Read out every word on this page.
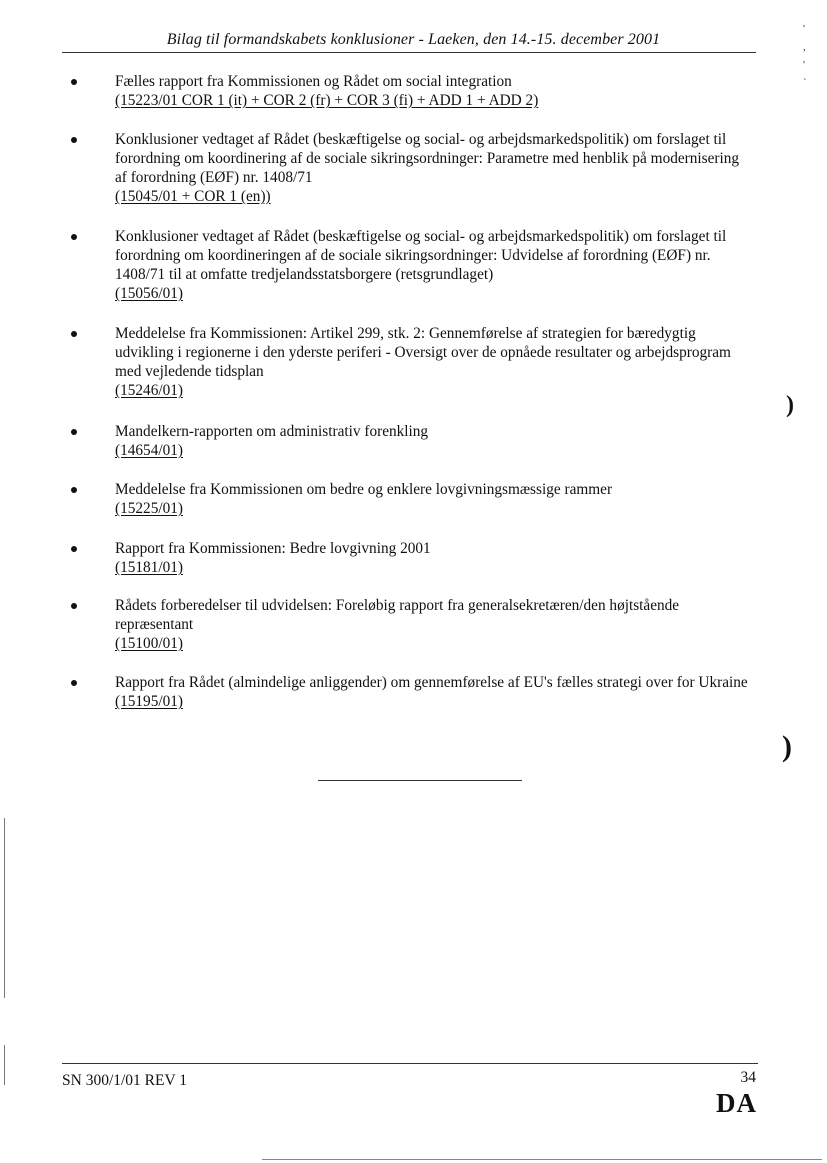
Bilag til formandskabets konklusioner - Laeken, den 14.-15. december 2001
Fælles rapport fra Kommissionen og Rådet om social integration
(15223/01 COR 1 (it) + COR 2 (fr) + COR 3 (fi) + ADD 1 + ADD 2)
Konklusioner vedtaget af Rådet (beskæftigelse og social- og arbejdsmarkedspolitik) om forslaget til forordning om koordinering af de sociale sikringsordninger: Parametre med henblik på modernisering af forordning (EØF) nr. 1408/71
(15045/01 + COR 1 (en))
Konklusioner vedtaget af Rådet (beskæftigelse og social- og arbejdsmarkedspolitik) om forslaget til forordning om koordineringen af de sociale sikringsordninger: Udvidelse af forordning (EØF) nr. 1408/71 til at omfatte tredjelandsstatsborgere (retsgrundlaget)
(15056/01)
Meddelelse fra Kommissionen: Artikel 299, stk. 2: Gennemførelse af strategien for bæredygtig udvikling i regionerne i den yderste periferi - Oversigt over de opnåede resultater og arbejdsprogram med vejledende tidsplan
(15246/01)
Mandelkern-rapporten om administrativ forenkling
(14654/01)
Meddelelse fra Kommissionen om bedre og enklere lovgivningsmæssige rammer
(15225/01)
Rapport fra Kommissionen: Bedre lovgivning 2001
(15181/01)
Rådets forberedelser til udvidelsen: Foreløbig rapport fra generalsekretæren/den højtstående repræsentant
(15100/01)
Rapport fra Rådet (almindelige anliggender) om gennemførelse af EU's fælles strategi over for Ukraine
(15195/01)
SN 300/1/01 REV 1	34
DA
)
)
'
,
'
`
